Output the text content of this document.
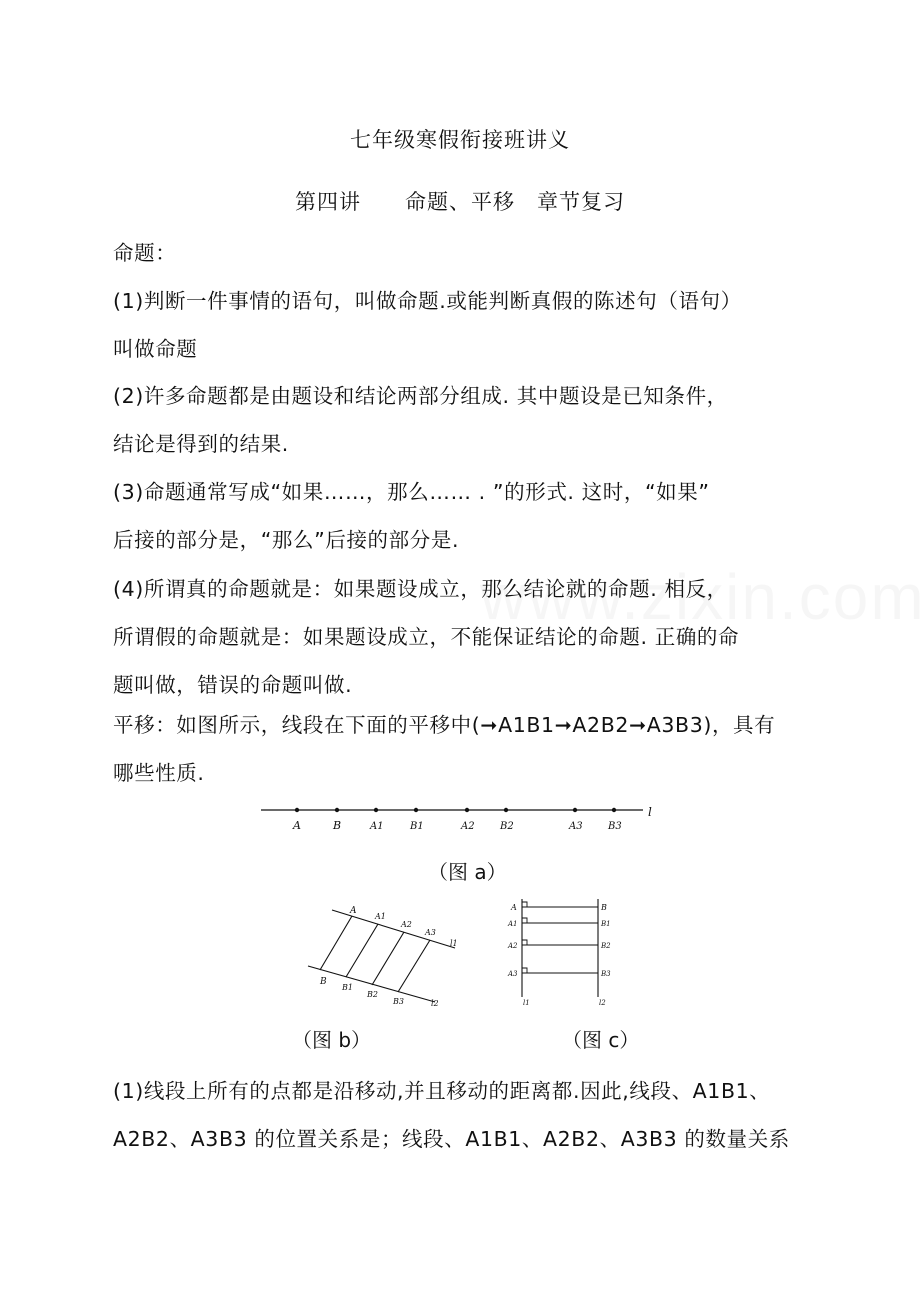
七年级寒假衔接班讲义
第四讲　　命题、平移　章节复习
命题：
(1)判断一件事情的语句，叫做命题.或能判断真假的陈述句（语句）
叫做命题
(2)许多命题都是由题设和结论两部分组成. 其中题设是已知条件，
结论是得到的结果.
(3)命题通常写成“如果……，那么…… . ”的形式. 这时，“如果”
后接的部分是，“那么”后接的部分是.
(4)所谓真的命题就是：如果题设成立，那么结论就的命题. 相反，
所谓假的命题就是：如果题设成立，不能保证结论的命题. 正确的命
题叫做，错误的命题叫做.
平移：如图所示，线段在下面的平移中(➞A1B1➞A2B2➞A3B3)，具有
哪些性质.
l
A	B	A1	B1	A2	B2	A3	B3
（图 a）
A
A1
A2
A3
l1
B
B1
B2
B3	l2
（图 b）
A
A1
A2
A3
B
B1
B2
B3
l1	l2
（图 c）
(1)线段上所有的点都是沿移动,并且移动的距离都.因此,线段、A1B1、
A2B2、A3B3 的位置关系是；线段、A1B1、A2B2、A3B3 的数量关系
